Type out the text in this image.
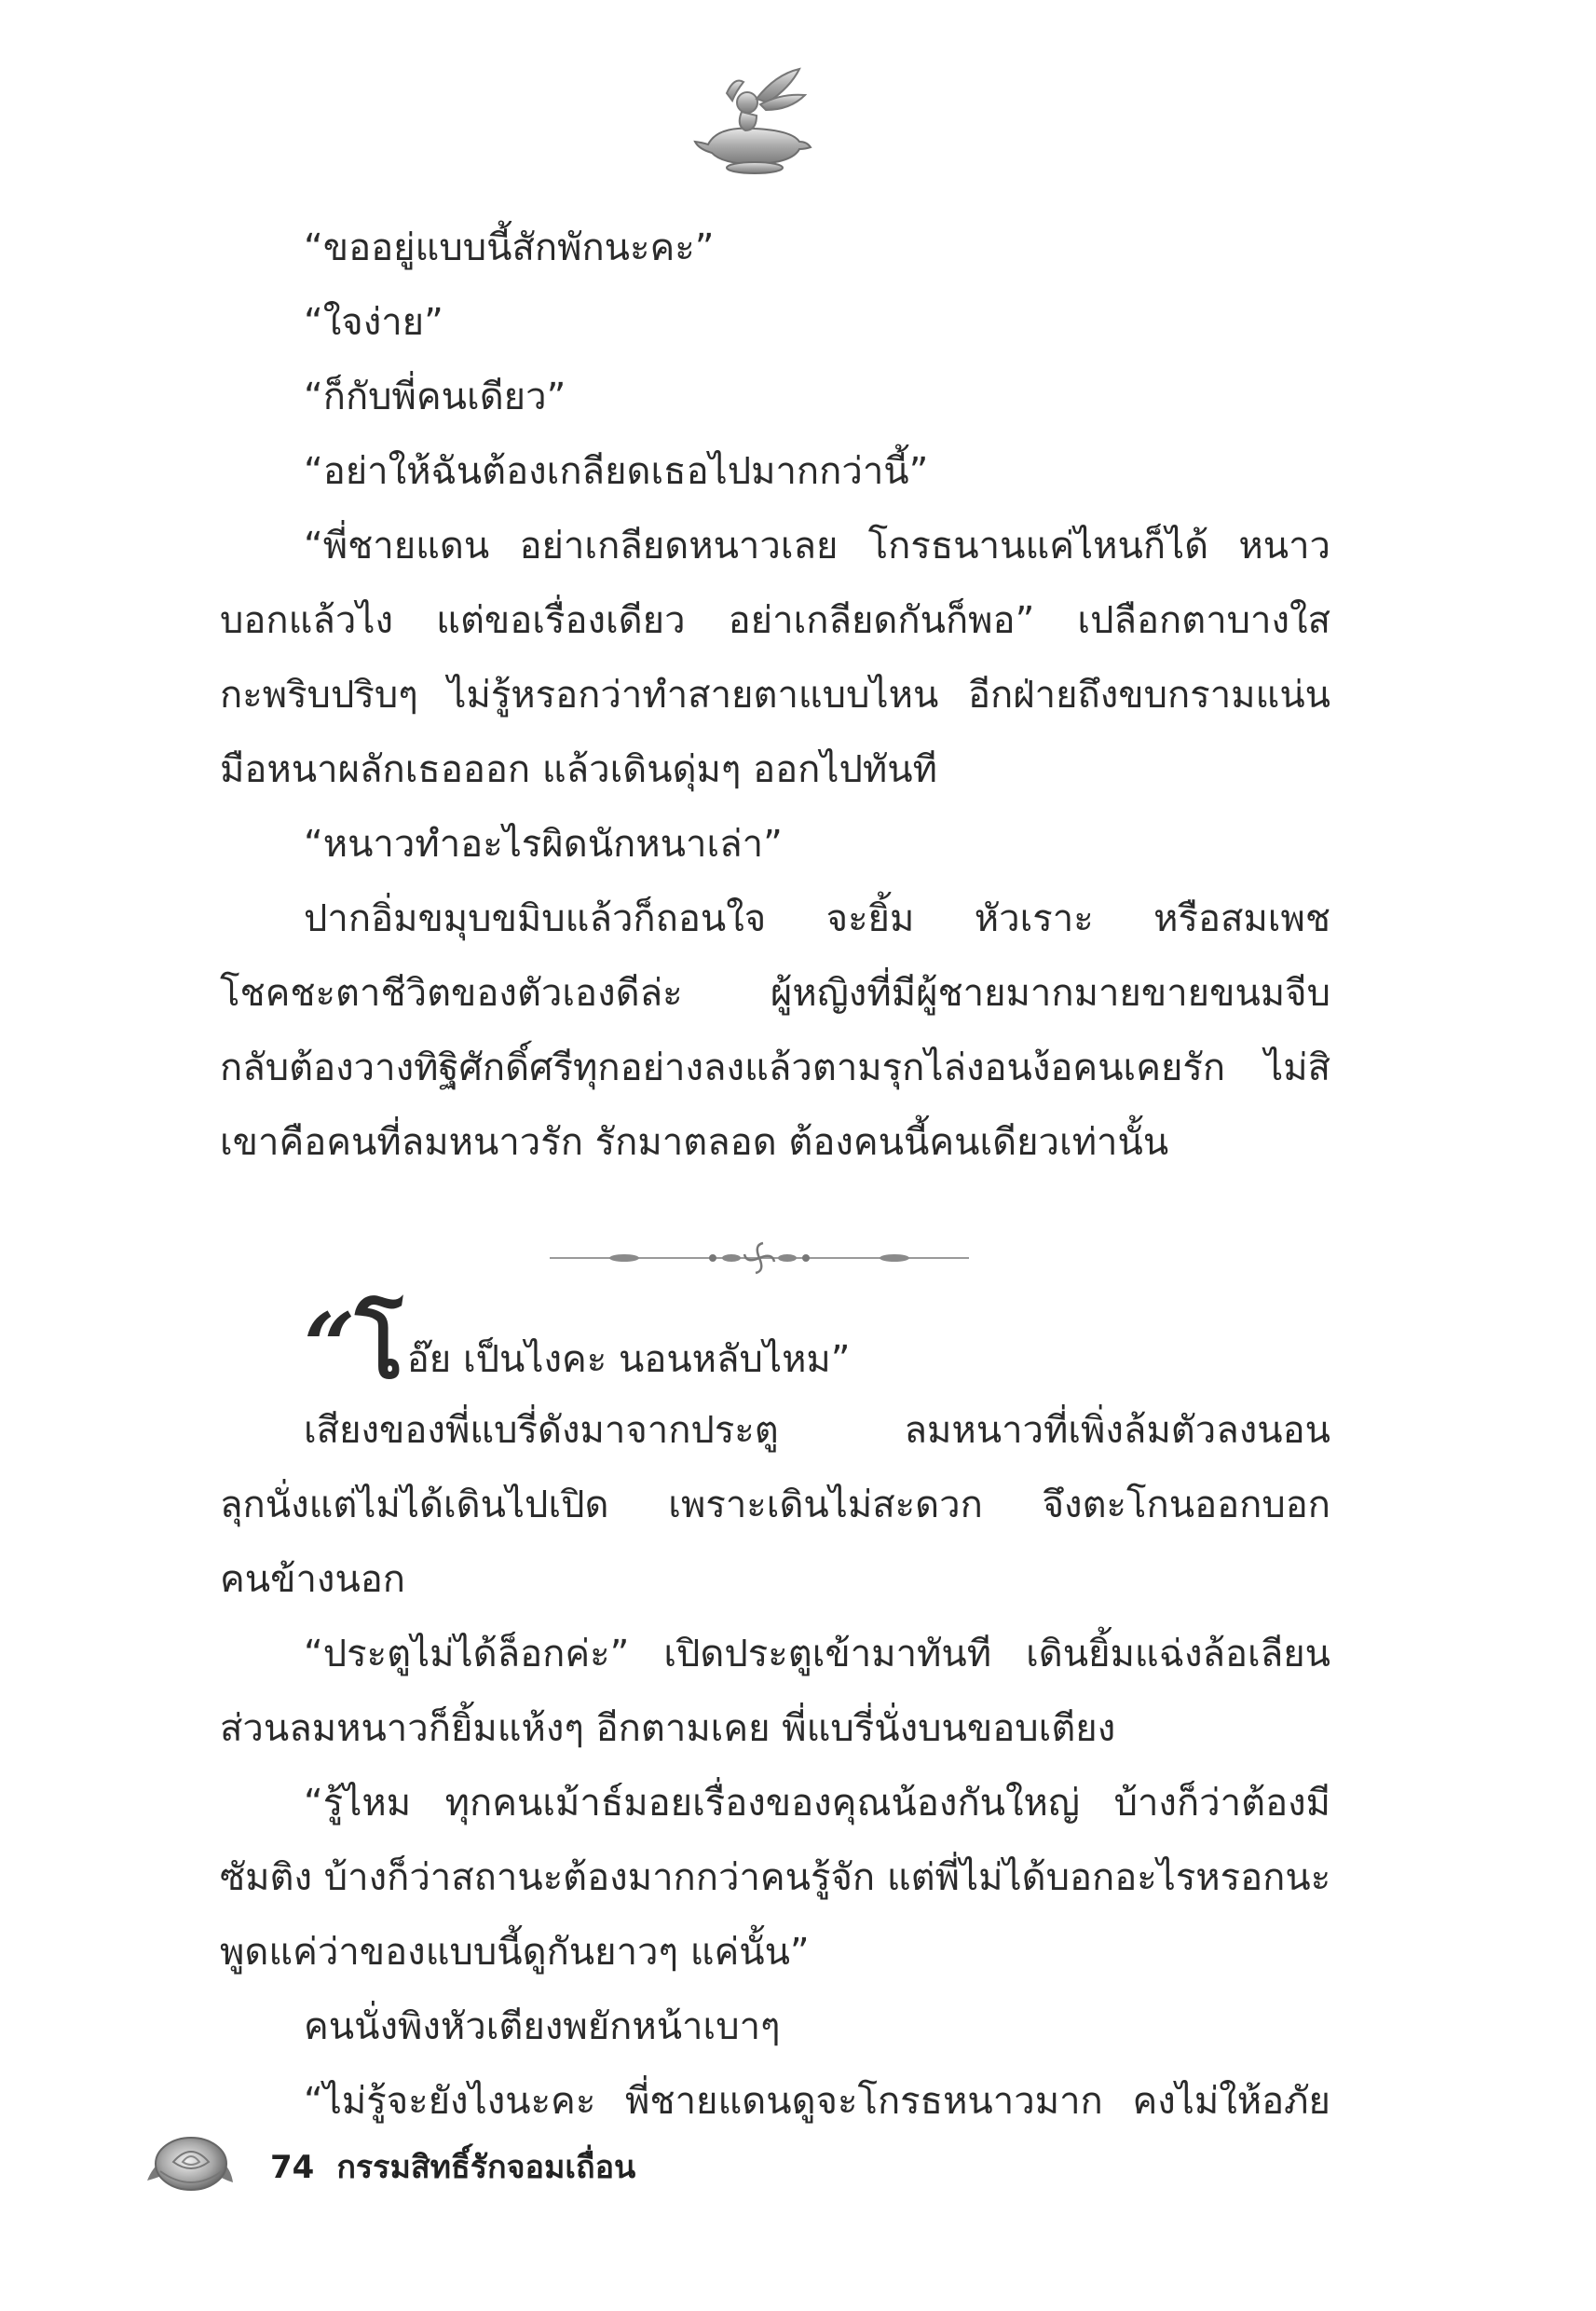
“ขออยู่แบบนี้สักพักนะคะ”
“ใจง่าย”
“ก็กับพี่คนเดียว”
“อย่าให้ฉันต้องเกลียดเธอไปมากกว่านี้”
“พี่ชายแดน อย่าเกลียดหนาวเลย โกรธนานแค่ไหนก็ได้ หนาว
บอกแล้วไง แต่ขอเรื่องเดียว อย่าเกลียดกันก็พอ” เปลือกตาบางใส
กะพริบปริบๆ ไม่รู้หรอกว่าทำสายตาแบบไหน อีกฝ่ายถึงขบกรามแน่น
มือหนาผลักเธอออก แล้วเดินดุ่มๆ ออกไปทันที
“หนาวทำอะไรผิดนักหนาเล่า”
ปากอิ่มขมุบขมิบแล้วก็ถอนใจ จะยิ้ม หัวเราะ หรือสมเพช
โชคชะตาชีวิตของตัวเองดีล่ะ ผู้หญิงที่มีผู้ชายมากมายขายขนมจีบ
กลับต้องวางทิฐิศักดิ์ศรีทุกอย่างลงแล้วตามรุกไล่งอนง้อคนเคยรัก ไม่สิ
เขาคือคนที่ลมหนาวรัก รักมาตลอด ต้องคนนี้คนเดียวเท่านั้น
“โ อ๊ย เป็นไงคะ นอนหลับไหม”
เสียงของพี่แบรี่ดังมาจากประตู ลมหนาวที่เพิ่งล้มตัวลงนอน
ลุกนั่งแต่ไม่ได้เดินไปเปิด เพราะเดินไม่สะดวก จึงตะโกนออกบอก
คนข้างนอก
“ประตูไม่ได้ล็อกค่ะ” เปิดประตูเข้ามาทันที เดินยิ้มแฉ่งล้อเลียน
ส่วนลมหนาวก็ยิ้มแห้งๆ อีกตามเคย พี่แบรี่นั่งบนขอบเตียง
“รู้ไหม ทุกคนเม้าธ์มอยเรื่องของคุณน้องกันใหญ่ บ้างก็ว่าต้องมี
ซัมติง บ้างก็ว่าสถานะต้องมากกว่าคนรู้จัก แต่พี่ไม่ได้บอกอะไรหรอกนะ
พูดแค่ว่าของแบบนี้ดูกันยาวๆ แค่นั้น”
คนนั่งพิงหัวเตียงพยักหน้าเบาๆ
“ไม่รู้จะยังไงนะคะ พี่ชายแดนดูจะโกรธหนาวมาก คงไม่ให้อภัย
74 กรรมสิทธิ์รักจอมเถื่อน
